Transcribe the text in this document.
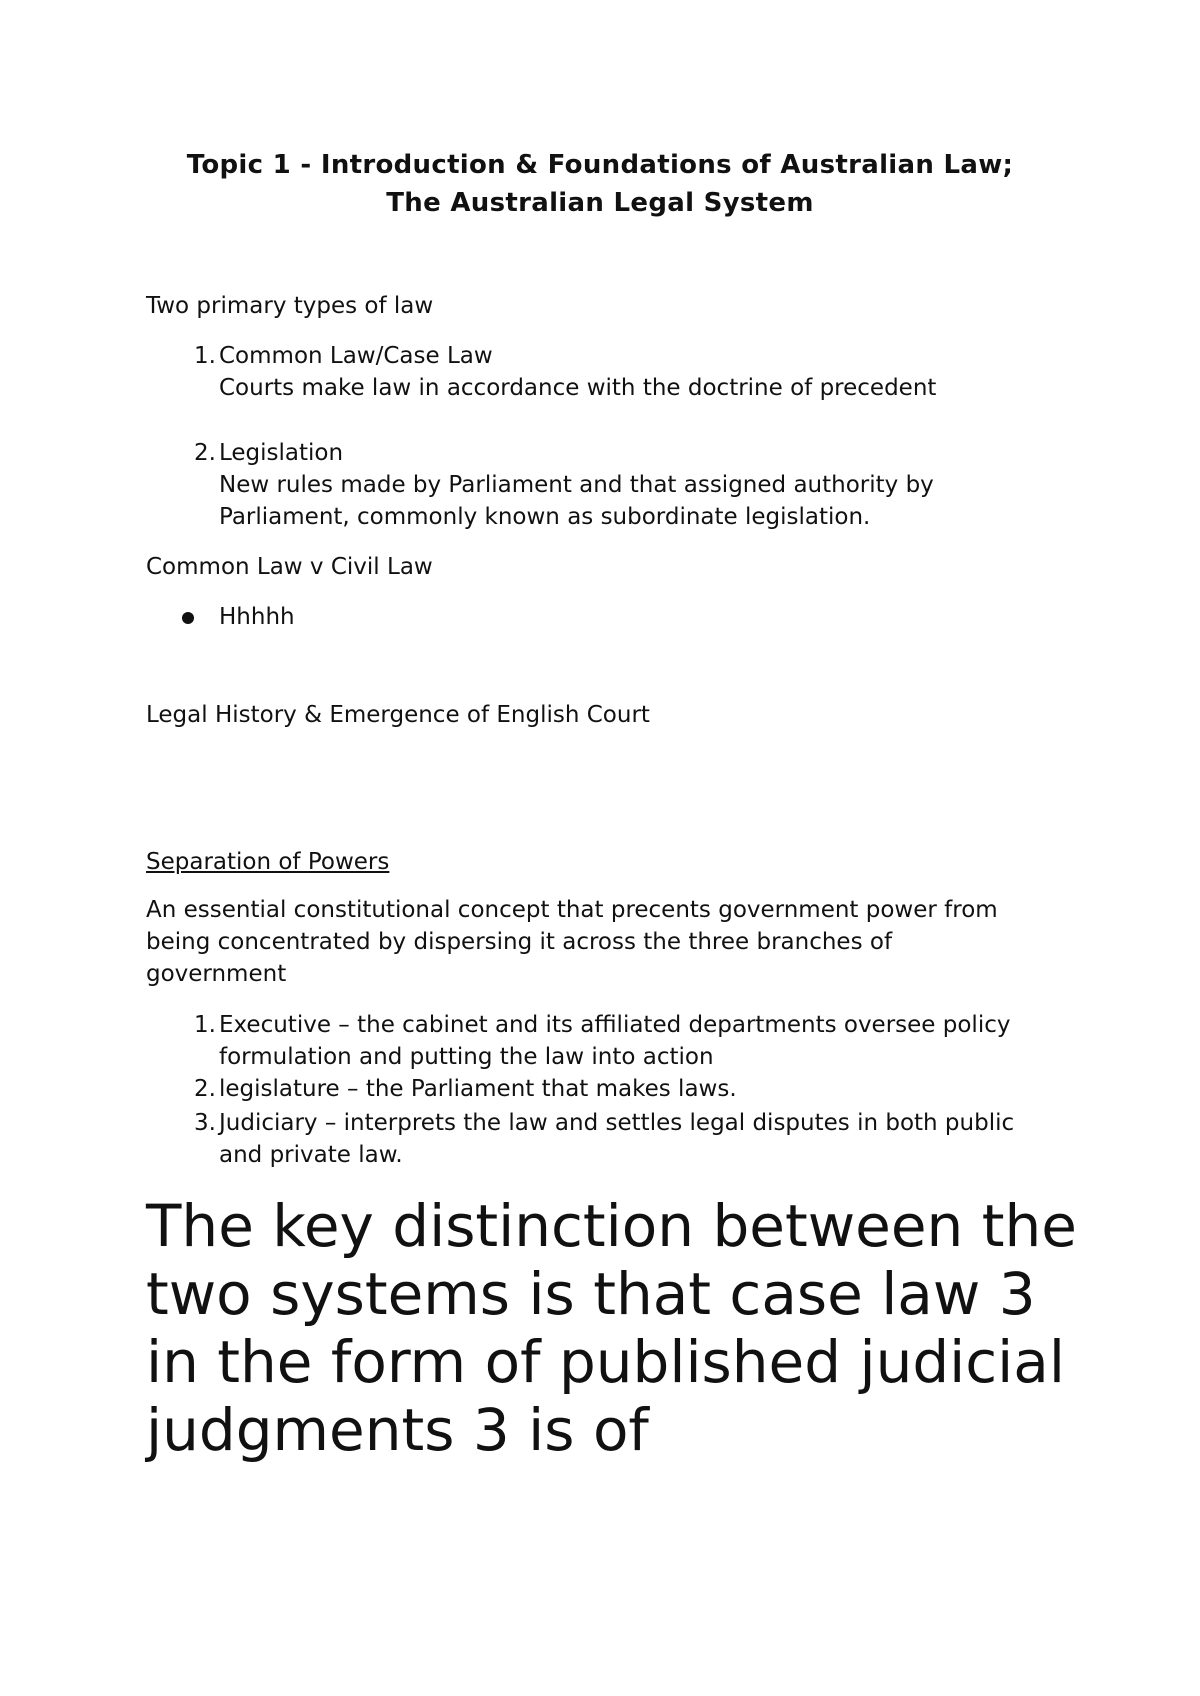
Topic 1 - Introduction & Foundations of Australian Law;
The Australian Legal System
Two primary types of law
1. Common Law/Case Law
Courts make law in accordance with the doctrine of precedent
2. Legislation
New rules made by Parliament and that assigned authority by
Parliament, commonly known as subordinate legislation.
Common Law v Civil Law
Hhhhh
Legal History & Emergence of English Court
Separation of Powers
An essential constitutional concept that precents government power from
being concentrated by dispersing it across the three branches of
government
1. Executive – the cabinet and its affiliated departments oversee policy
formulation and putting the law into action
2. legislature – the Parliament that makes laws.
3. Judiciary – interprets the law and settles legal disputes in both public
and private law.
The key distinction between the
two systems is that case law 3
in the form of published judicial
judgments 3 is of
